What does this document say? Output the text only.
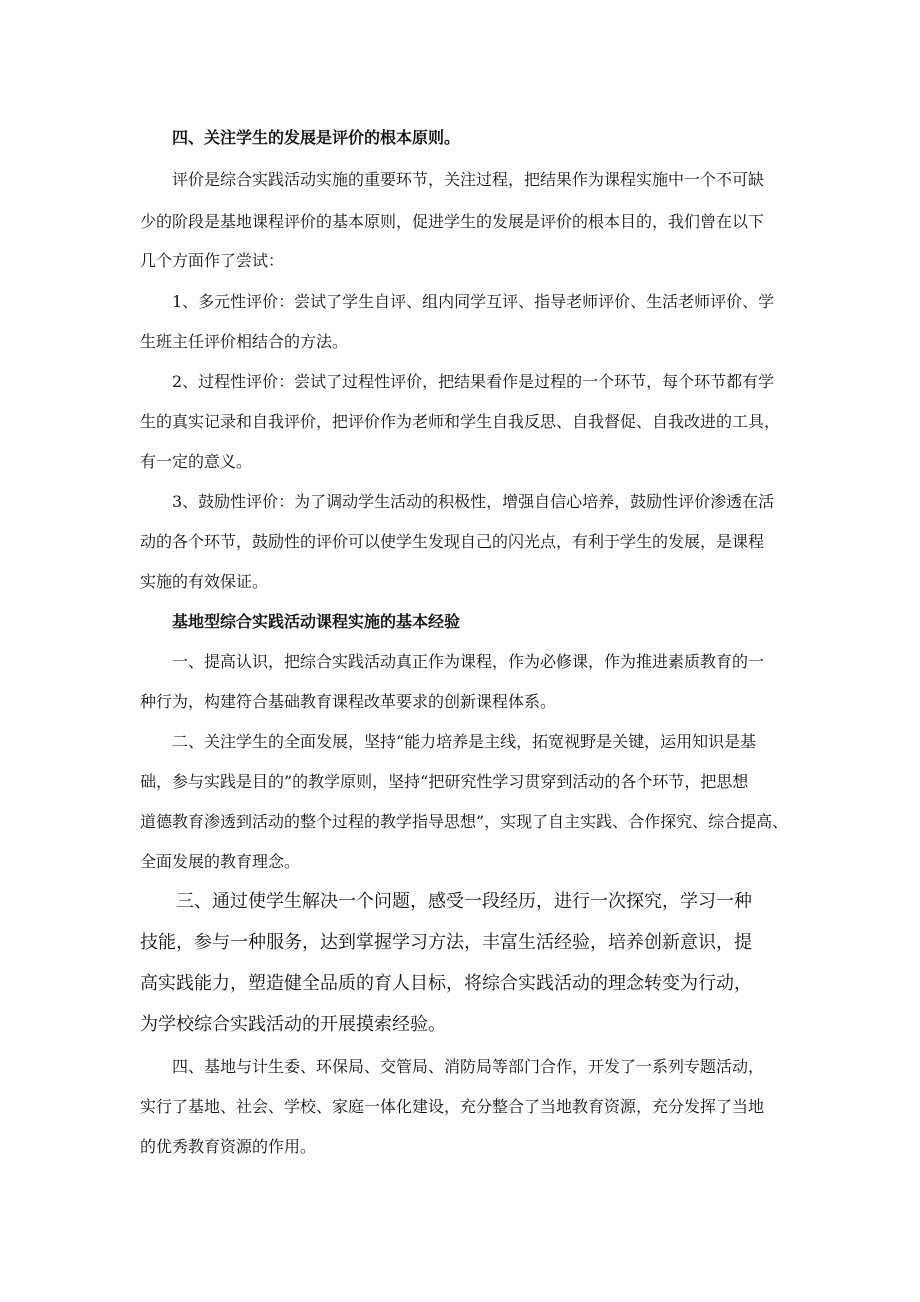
四、关注学生的发展是评价的根本原则。

评价是综合实践活动实施的重要环节，关注过程，把结果作为课程实施中一个不可缺

少的阶段是基地课程评价的基本原则，促进学生的发展是评价的根本目的，我们曾在以下

几个方面作了尝试：

1、多元性评价：尝试了学生自评、组内同学互评、指导老师评价、生活老师评价、学

生班主任评价相结合的方法。

2、过程性评价：尝试了过程性评价，把结果看作是过程的一个环节，每个环节都有学

生的真实记录和自我评价，把评价作为老师和学生自我反思、自我督促、自我改进的工具，

有一定的意义。

3、鼓励性评价：为了调动学生活动的积极性，增强自信心培养，鼓励性评价渗透在活

动的各个环节，鼓励性的评价可以使学生发现自己的闪光点，有利于学生的发展，是课程

实施的有效保证。

基地型综合实践活动课程实施的基本经验

一、提高认识，把综合实践活动真正作为课程，作为必修课，作为推进素质教育的一

种行为，构建符合基础教育课程改革要求的创新课程体系。

二、关注学生的全面发展，坚持“能力培养是主线，拓宽视野是关键，运用知识是基

础，参与实践是目的”的教学原则，坚持“把研究性学习贯穿到活动的各个环节，把思想

道德教育渗透到活动的整个过程的教学指导思想”，实现了自主实践、合作探究、综合提高、

全面发展的教育理念。

三、通过使学生解决一个问题，感受一段经历，进行一次探究，学习一种

技能，参与一种服务，达到掌握学习方法，丰富生活经验，培养创新意识，提

高实践能力，塑造健全品质的育人目标，将综合实践活动的理念转变为行动，

为学校综合实践活动的开展摸索经验。

四、基地与计生委、环保局、交管局、消防局等部门合作，开发了一系列专题活动，

实行了基地、社会、学校、家庭一体化建设，充分整合了当地教育资源，充分发挥了当地

的优秀教育资源的作用。
